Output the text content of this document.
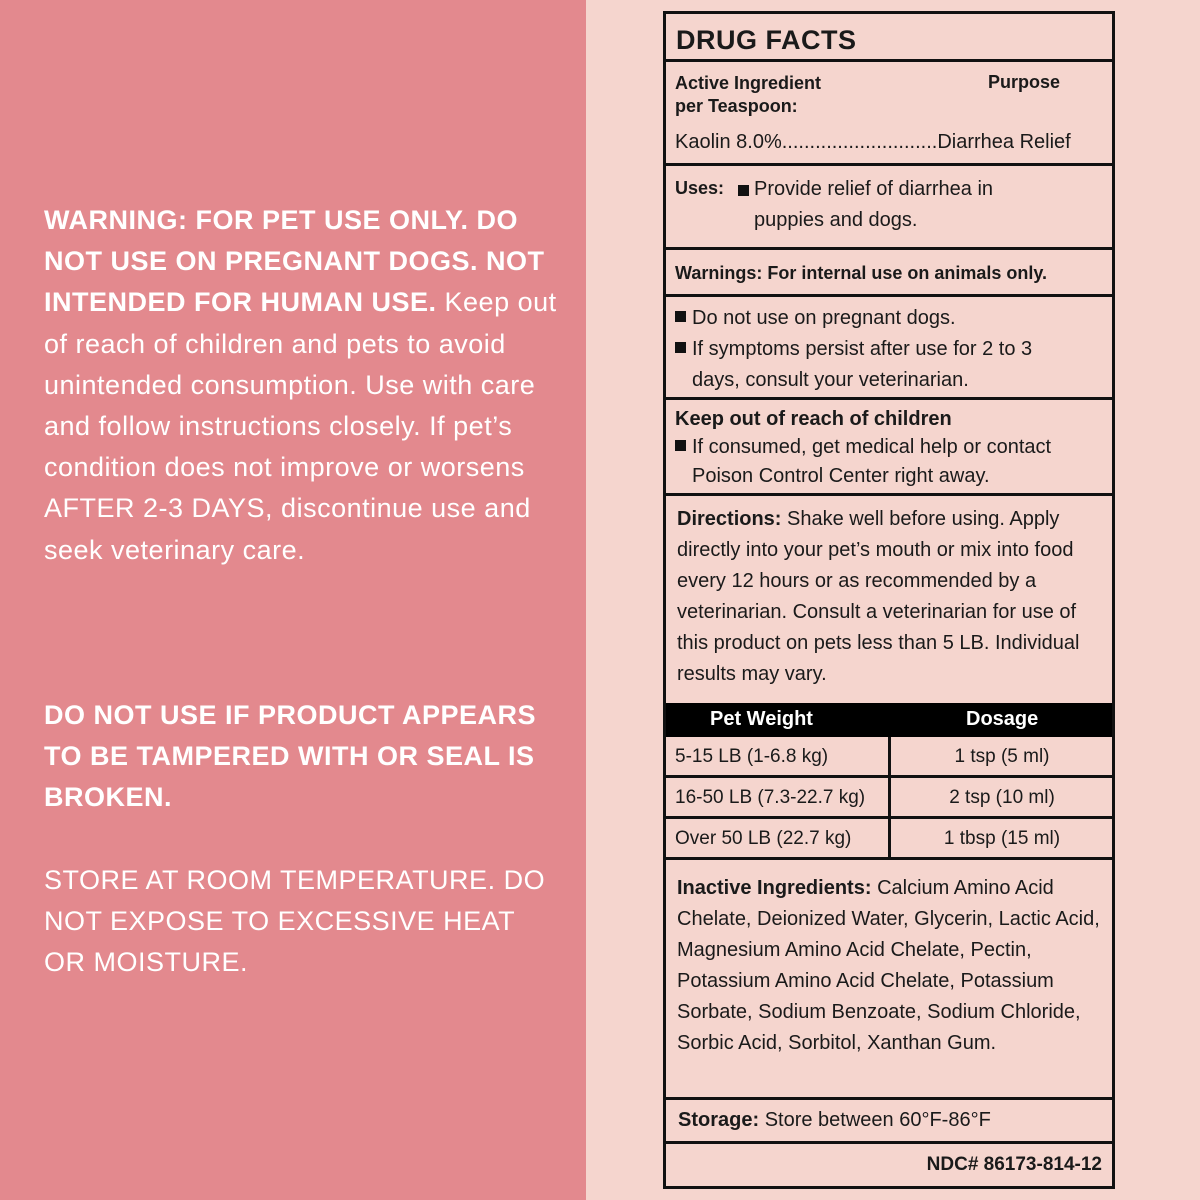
WARNING: FOR PET USE ONLY. DO NOT USE ON PREGNANT DOGS. NOT INTENDED FOR HUMAN USE. Keep out of reach of children and pets to avoid unintended consumption. Use with care and follow instructions closely. If pet’s condition does not improve or worsens AFTER 2-3 DAYS, discontinue use and seek veterinary care.

DO NOT USE IF PRODUCT APPEARS TO BE TAMPERED WITH OR SEAL IS BROKEN.

STORE AT ROOM TEMPERATURE. DO NOT EXPOSE TO EXCESSIVE HEAT OR MOISTURE.

DRUG FACTS
Active Ingredient
per Teaspoon:
Purpose
Kaolin 8.0%............................Diarrhea Relief
Uses: Provide relief of diarrhea in
puppies and dogs.
Warnings: For internal use on animals only.
Do not use on pregnant dogs.
If symptoms persist after use for 2 to 3
days, consult your veterinarian.
Keep out of reach of children
If consumed, get medical help or contact
Poison Control Center right away.

Directions: Shake well before using. Apply directly into your pet’s mouth or mix into food every 12 hours or as recommended by a veterinarian. Consult a veterinarian for use of this product on pets less than 5 LB. Individual results may vary.

Pet Weight	Dosage
5-15 LB (1-6.8 kg)	1 tsp (5 ml)
16-50 LB (7.3-22.7 kg)	2 tsp (10 ml)
Over 50 LB (22.7 kg)	1 tbsp (15 ml)

Inactive Ingredients: Calcium Amino Acid Chelate, Deionized Water, Glycerin, Lactic Acid, Magnesium Amino Acid Chelate, Pectin, Potassium Amino Acid Chelate, Potassium Sorbate, Sodium Benzoate, Sodium Chloride, Sorbic Acid, Sorbitol, Xanthan Gum.

Storage: Store between 60°F-86°F

NDC# 86173-814-12
